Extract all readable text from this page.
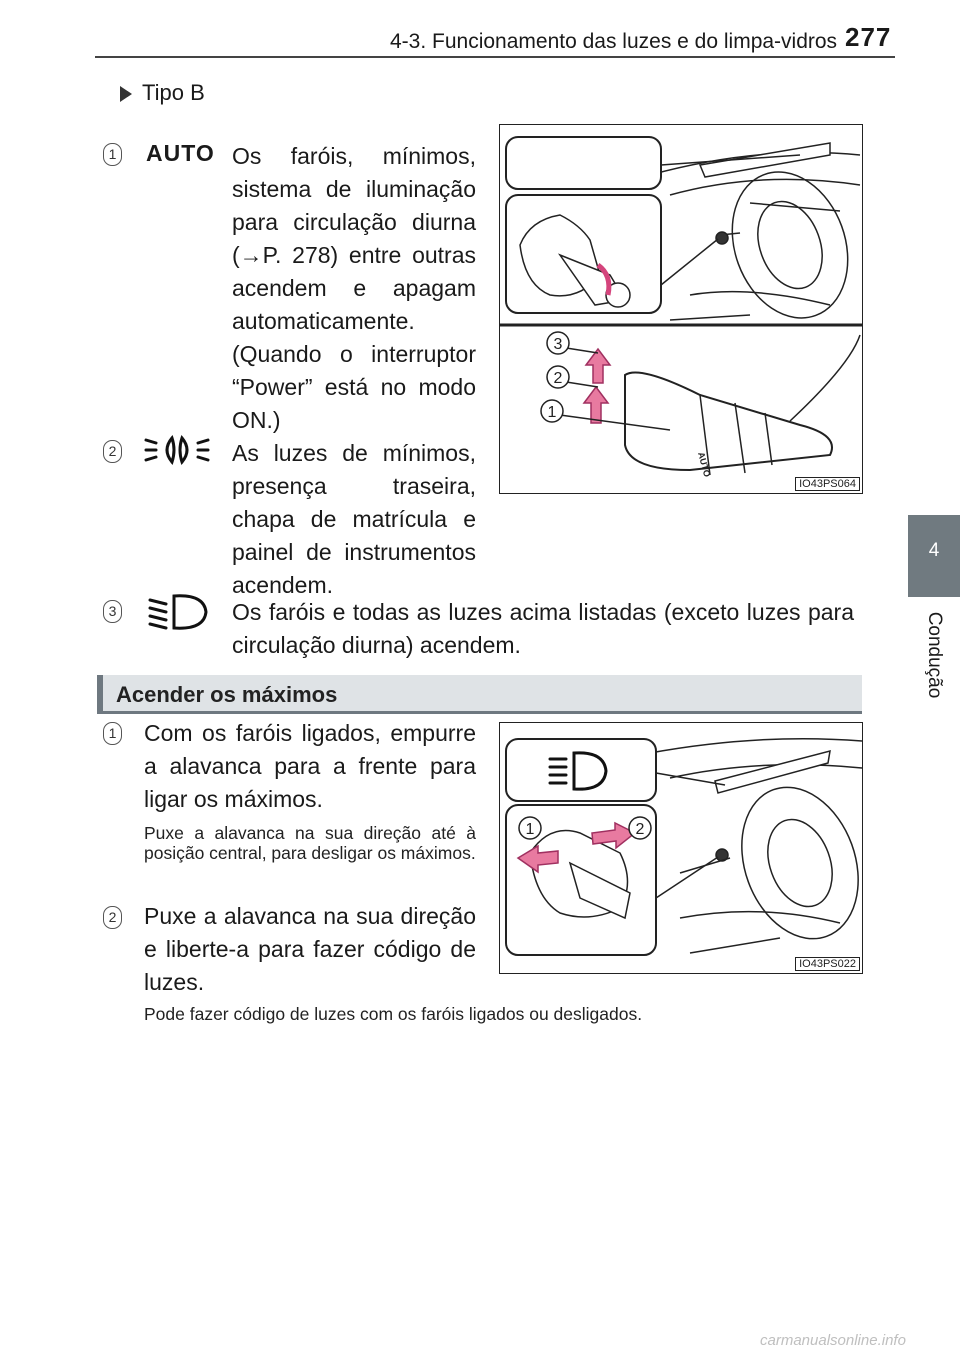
4-3. Funcionamento das luzes e do limpa-vidros 277
4
Condução
Tipo B
1 AUTO Os faróis, mínimos, sistema de iluminação para circulação diurna (→P. 278) entre outras acendem e apagam automaticamente. (Quando o interruptor “Power” está no modo ON.)
2	As luzes de mínimos, presença traseira, chapa de matrícula e painel de instrumentos acendem.
3	Os faróis e todas as luzes acima listadas (exceto luzes para circulação diurna) acendem.
3
2
1
AUTO
IO43PS064
Acender os máximos
1 Com os faróis ligados, empurre a alavanca para a frente para ligar os máximos.
Puxe a alavanca na sua direção até à posição central, para desligar os máximos.
2 Puxe a alavanca na sua direção e liberte-a para fazer código de luzes.
Pode fazer código de luzes com os faróis ligados ou desligados.
1	2
IO43PS022
carmanualsonline.info
